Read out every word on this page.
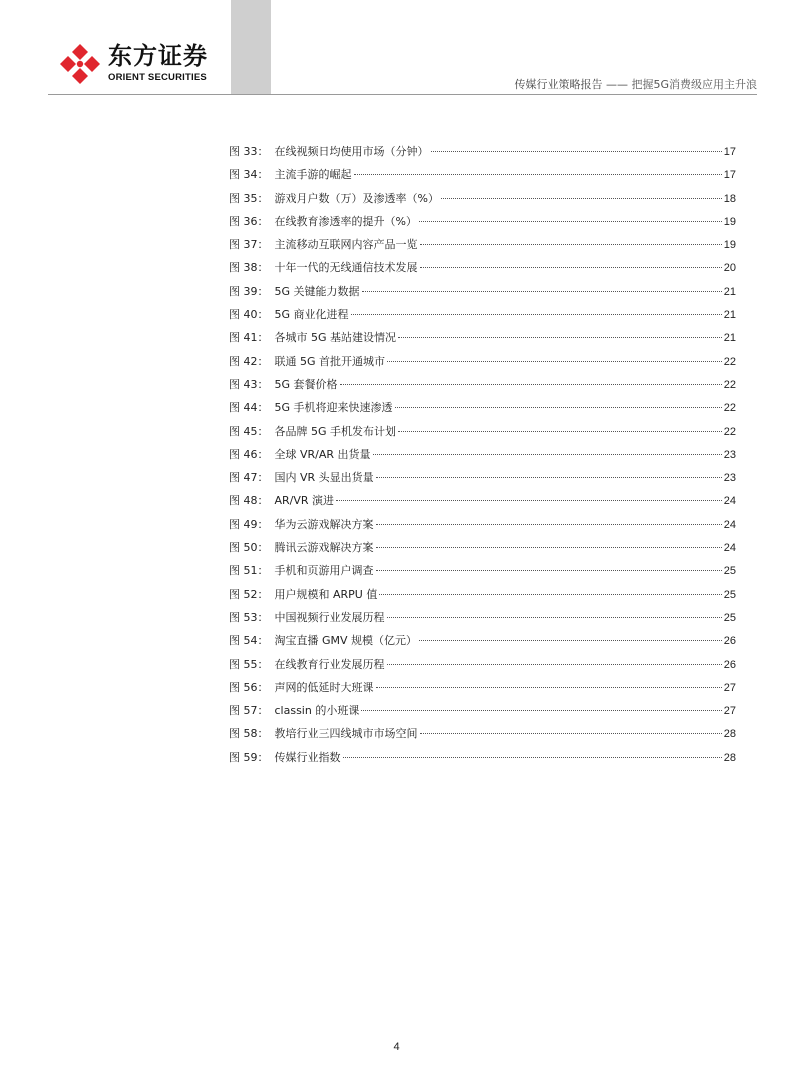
东方证券
ORIENT SECURITIES
传媒行业策略报告 —— 把握5G消费级应用主升浪
图 33： 在线视频日均使用市场（分钟）	17
图 34： 主流手游的崛起	17
图 35： 游戏月户数（万）及渗透率（%）	18
图 36： 在线教育渗透率的提升（%）	19
图 37： 主流移动互联网内容产品一览	19
图 38： 十年一代的无线通信技术发展	20
图 39： 5G 关键能力数据	21
图 40： 5G 商业化进程	21
图 41： 各城市 5G 基站建设情况	21
图 42： 联通 5G 首批开通城市	22
图 43： 5G 套餐价格	22
图 44： 5G 手机将迎来快速渗透	22
图 45： 各品牌 5G 手机发布计划	22
图 46： 全球 VR/AR 出货量	23
图 47： 国内 VR 头显出货量	23
图 48： AR/VR 演进	24
图 49： 华为云游戏解决方案	24
图 50： 腾讯云游戏解决方案	24
图 51： 手机和页游用户调查	25
图 52： 用户规模和 ARPU 值	25
图 53： 中国视频行业发展历程	25
图 54： 淘宝直播 GMV 规模（亿元）	26
图 55： 在线教育行业发展历程	26
图 56： 声网的低延时大班课	27
图 57： classin 的小班课	27
图 58： 教培行业三四线城市市场空间	28
图 59： 传媒行业指数	28
4
